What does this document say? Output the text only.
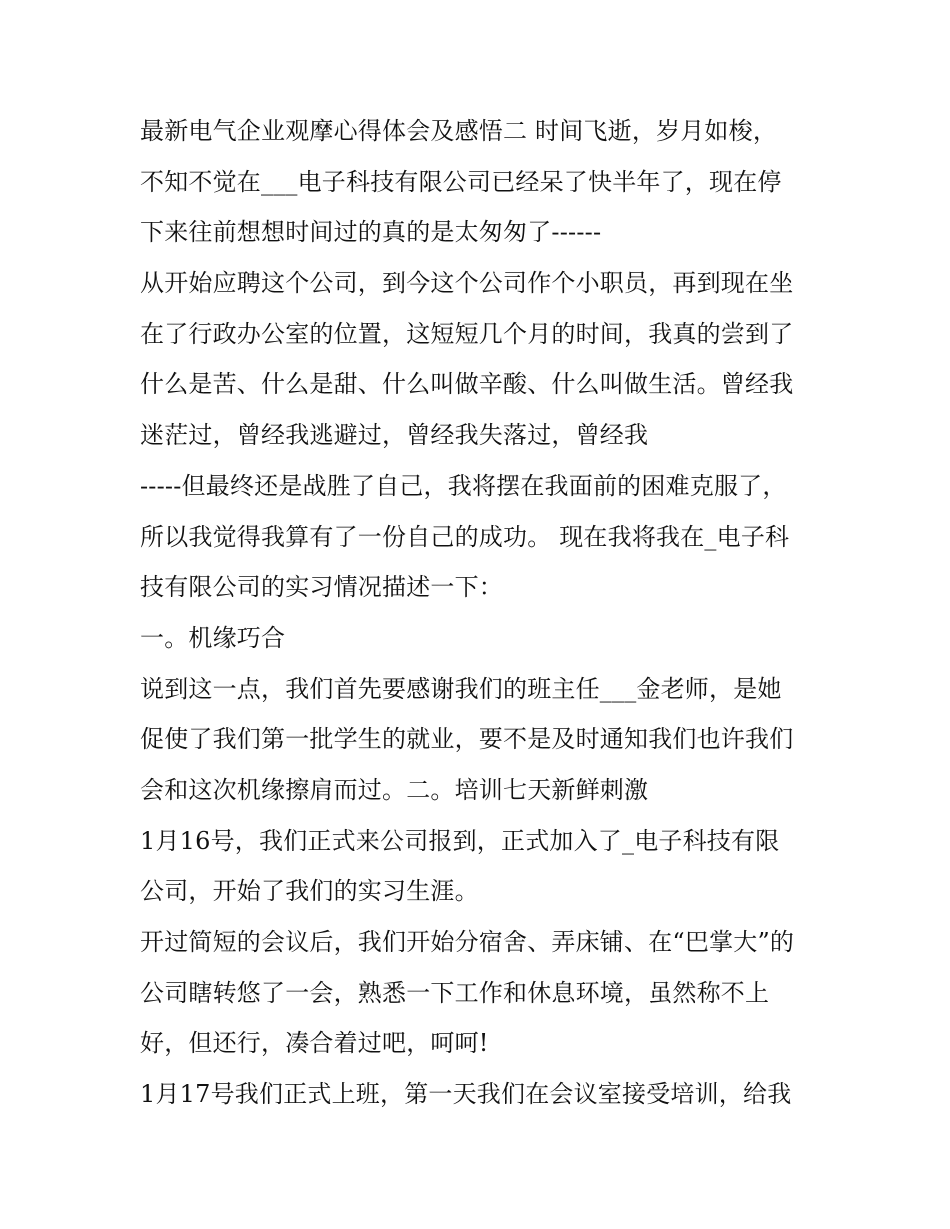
最新电气企业观摩心得体会及感悟二 时间飞逝，岁月如梭，
不知不觉在___电子科技有限公司已经呆了快半年了，现在停
下来往前想想时间过的真的是太匆匆了------
从开始应聘这个公司，到今这个公司作个小职员，再到现在坐
在了行政办公室的位置，这短短几个月的时间，我真的尝到了
什么是苦、什么是甜、什么叫做辛酸、什么叫做生活。曾经我
迷茫过，曾经我逃避过，曾经我失落过，曾经我
-----但最终还是战胜了自己，我将摆在我面前的困难克服了，
所以我觉得我算有了一份自己的成功。 现在我将我在_电子科
技有限公司的实习情况描述一下：
一。机缘巧合
说到这一点，我们首先要感谢我们的班主任___金老师，是她
促使了我们第一批学生的就业，要不是及时通知我们也许我们
会和这次机缘擦肩而过。二。培训七天新鲜刺激
1月16号，我们正式来公司报到，正式加入了_电子科技有限
公司，开始了我们的实习生涯。
开过简短的会议后，我们开始分宿舍、弄床铺、在“巴掌大”的
公司瞎转悠了一会，熟悉一下工作和休息环境，虽然称不上
好，但还行，凑合着过吧，呵呵!
1月17号我们正式上班，第一天我们在会议室接受培训，给我
